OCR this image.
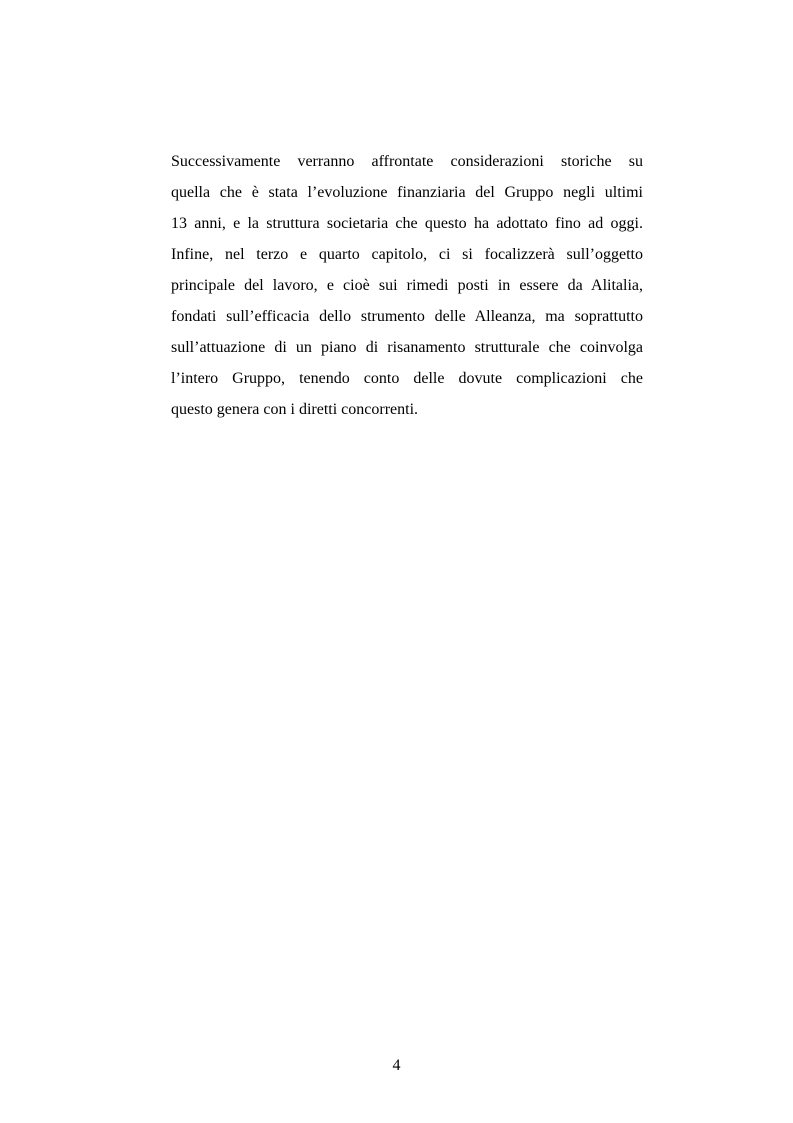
Successivamente verranno affrontate considerazioni storiche su
quella che è stata l’evoluzione finanziaria del Gruppo negli ultimi
13 anni, e la struttura societaria che questo ha adottato fino ad oggi.
Infine, nel terzo e quarto capitolo, ci si focalizzerà sull’oggetto
principale del lavoro, e cioè sui rimedi posti in essere da Alitalia,
fondati sull’efficacia dello strumento delle Alleanza, ma soprattutto
sull’attuazione di un piano di risanamento strutturale che coinvolga
l’intero Gruppo, tenendo conto delle dovute complicazioni che
questo genera con i diretti concorrenti.
4
